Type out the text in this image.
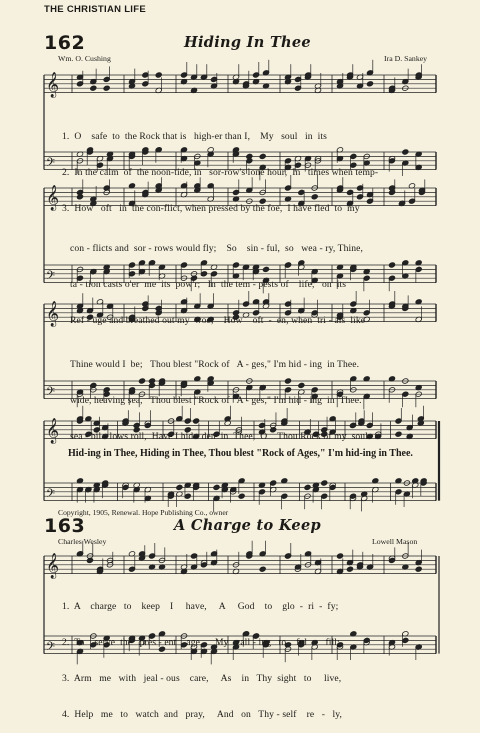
THE CHRISTIAN LIFE
162	Hiding In Thee
Wm. O. Cushing	Ira D. Sankey
𝄞
𝄢
𝄞
𝄢
𝄞
𝄢
𝄞
𝄢
𝄞
𝄢

1.  O    safe  to  the Rock that is   high-er than I,    My   soul   in  its

2.  In the calm  of  the noon-tide, in   sor-row's lone hour,  In   times when temp-

3.  How   oft   in  the con-flict, when pressed by the foe,  I have fled  to  my

con - flicts and  sor - rows would fly;    So    sin - ful,  so   wea - ry, Thine,

ta - tion casts o'er  me  its  pow'r;   In  the tem - pests of    life,   on  its

Ref - uge and breathed out my  woe;    How    oft  -  en, when  tri - als  like

Thine would I  be;   Thou blest "Rock of   A - ges," I'm hid - ing  in Thee.

wide, heaving sea,   Thou blest "Rock of   A - ges," I'm hid - ing  in  Thee.

sea - bil - lows roll,  Have I hid - den  in  Thee,  O    Thou Rock of my  soul.

Hid-ing in Thee, Hiding in Thee, Thou blest "Rock of Ages," I'm hid-ing in Thee.
Copyright, 1905, Renewal. Hope Publishing Co., owner
163	A Charge to Keep
Charles Wesley	Lowell Mason

1.  A    charge   to    keep    I     have,     A     God    to    glo  -  ri  -  fy;

2.  To    serve  the   pres - ent    age,     My   call - ing   to    ful   -   fill;

3.  Arm   me   with   jeal - ous    care,     As    in   Thy  sight   to     live,

4.  Help   me   to   watch  and   pray,     And   on   Thy - self    re   -   ly,
